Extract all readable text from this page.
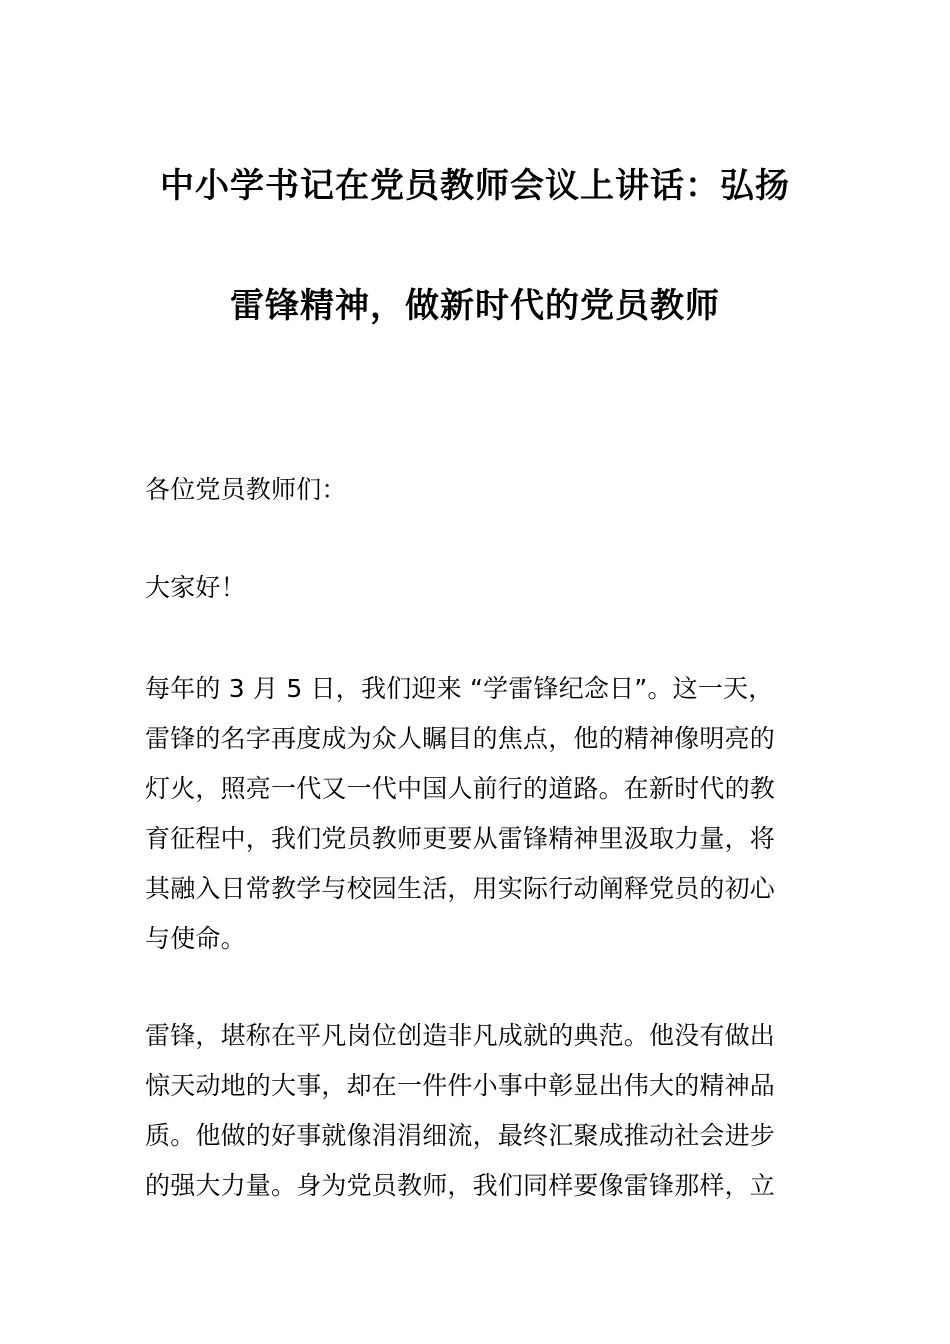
中小学书记在党员教师会议上讲话：弘扬
雷锋精神，做新时代的党员教师
各位党员教师们：
大家好！
每年的 3 月 5 日，我们迎来 “学雷锋纪念日”。这一天，
雷锋的名字再度成为众人瞩目的焦点，他的精神像明亮的
灯火，照亮一代又一代中国人前行的道路。在新时代的教
育征程中，我们党员教师更要从雷锋精神里汲取力量，将
其融入日常教学与校园生活，用实际行动阐释党员的初心
与使命。
雷锋，堪称在平凡岗位创造非凡成就的典范。他没有做出
惊天动地的大事，却在一件件小事中彰显出伟大的精神品
质。他做的好事就像涓涓细流，最终汇聚成推动社会进步
的强大力量。身为党员教师，我们同样要像雷锋那样，立
